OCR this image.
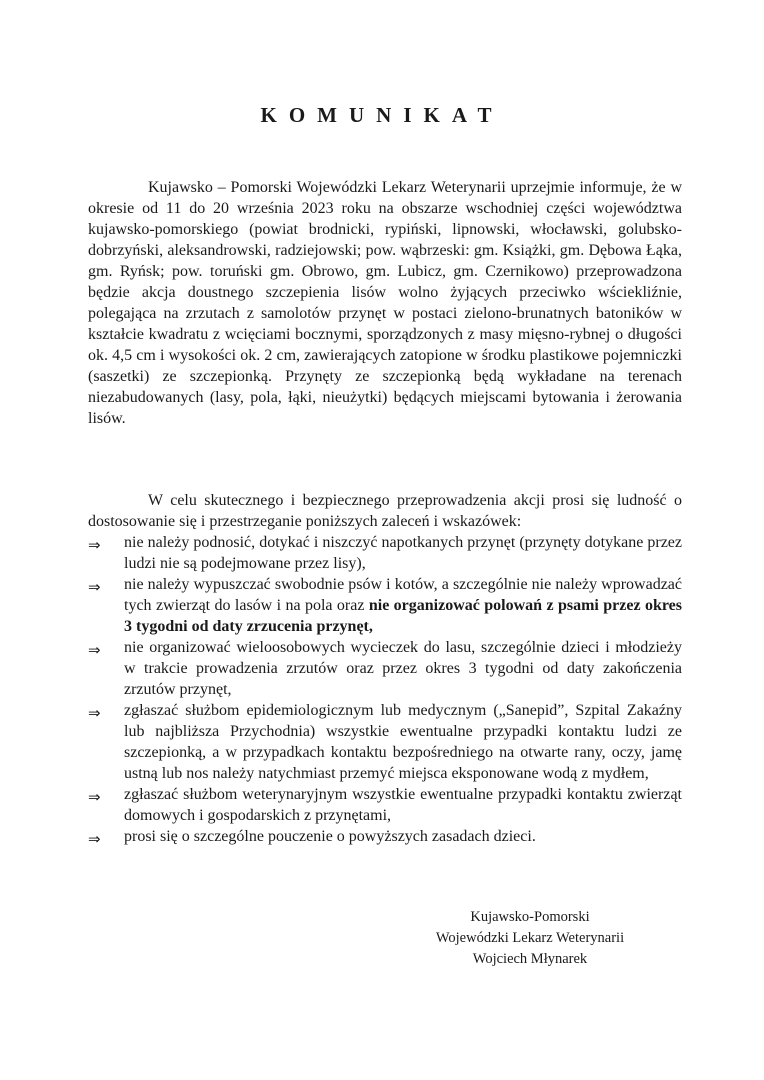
KOMUNIKAT
Kujawsko – Pomorski Wojewódzki Lekarz Weterynarii uprzejmie informuje, że w okresie od 11 do 20 września 2023 roku na obszarze wschodniej części województwa kujawsko-pomorskiego (powiat brodnicki, rypiński, lipnowski, włocławski, golubsko-dobrzyński, aleksandrowski, radziejowski; pow. wąbrzeski: gm. Książki, gm. Dębowa Łąka, gm. Ryńsk; pow. toruński gm. Obrowo, gm. Lubicz, gm. Czernikowo) przeprowadzona będzie akcja doustnego szczepienia lisów wolno żyjących przeciwko wściekliźnie, polegająca na zrzutach z samolotów przynęt w postaci zielono-brunatnych batoników w kształcie kwadratu z wcięciami bocznymi, sporządzonych z masy mięsno-rybnej o długości ok. 4,5 cm i wysokości ok. 2 cm, zawierających zatopione w środku plastikowe pojemniczki (saszetki) ze szczepionką. Przynęty ze szczepionką będą wykładane na terenach niezabudowanych (lasy, pola, łąki, nieużytki) będących miejscami bytowania i żerowania lisów.
W celu skutecznego i bezpiecznego przeprowadzenia akcji prosi się ludność o dostosowanie się i przestrzeganie poniższych zaleceń i wskazówek:
⇒ nie należy podnosić, dotykać i niszczyć napotkanych przynęt (przynęty dotykane przez ludzi nie są podejmowane przez lisy),
⇒ nie należy wypuszczać swobodnie psów i kotów, a szczególnie nie należy wprowadzać tych zwierząt do lasów i na pola oraz nie organizować polowań z psami przez okres 3 tygodni od daty zrzucenia przynęt,
⇒ nie organizować wieloosobowych wycieczek do lasu, szczególnie dzieci i młodzieży w trakcie prowadzenia zrzutów oraz przez okres 3 tygodni od daty zakończenia zrzutów przynęt,
⇒ zgłaszać służbom epidemiologicznym lub medycznym („Sanepid”, Szpital Zakaźny lub najbliższa Przychodnia) wszystkie ewentualne przypadki kontaktu ludzi ze szczepionką, a w przypadkach kontaktu bezpośredniego na otwarte rany, oczy, jamę ustną lub nos należy natychmiast przemyć miejsca eksponowane wodą z mydłem,
⇒ zgłaszać służbom weterynaryjnym wszystkie ewentualne przypadki kontaktu zwierząt domowych i gospodarskich z przynętami,
⇒ prosi się o szczególne pouczenie o powyższych zasadach dzieci.
Kujawsko-Pomorski
Wojewódzki Lekarz Weterynarii
Wojciech Młynarek
